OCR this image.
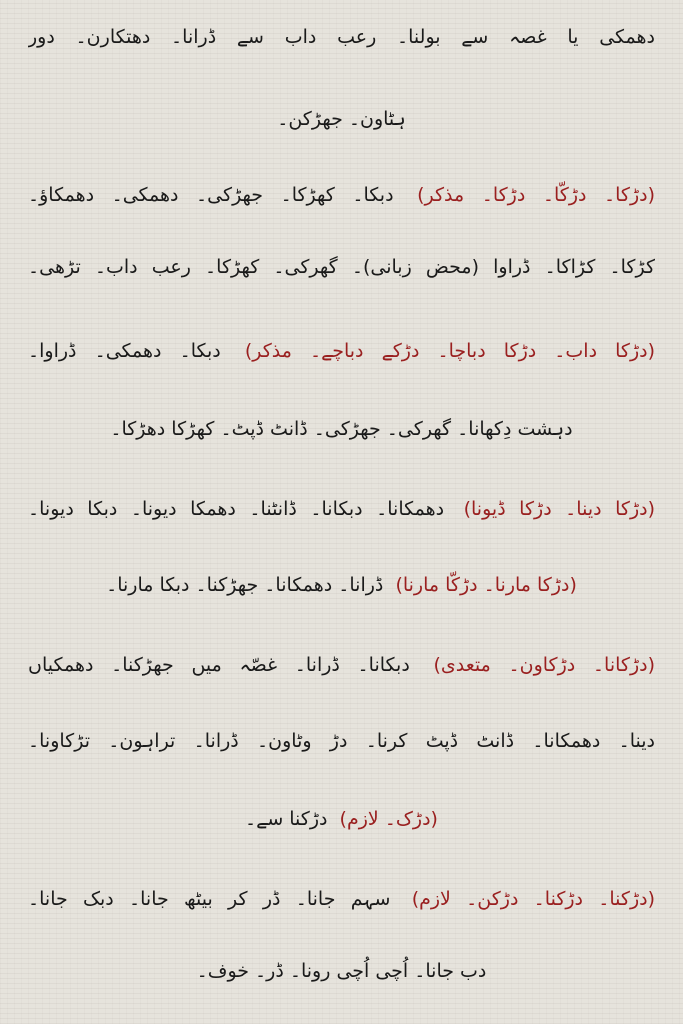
دھمکی یا غصہ سے بولنا۔ رعب داب سے ڈرانا۔ دھتکارن۔ دور
ہٹاون۔ جھڑکن۔
(دڑکا۔ دڑکّا۔ دڑکا۔ مذکر) دبکا۔ کھڑکا۔ جھڑکی۔ دھمکی۔ دھمکاؤ۔
کڑکا۔ کڑاکا۔ ڈراوا (محض زبانی)۔ گھرکی۔ کھڑکا۔ رعب داب۔ تڑھی۔
(دڑکا داب۔ دڑکا دباچا۔ دڑکے دباچے۔ مذکر) دبکا۔ دھمکی۔ ڈراوا۔
دہشت دِکھانا۔ گھرکی۔ جھڑکی۔ ڈانٹ ڈپٹ۔ کھڑکا دھڑکا۔
(دڑکا دینا۔ دڑکا ڈیونا) دھمکانا۔ دبکانا۔ ڈانٹنا۔ دھمکا دیونا۔ دبکا دیونا۔
(دڑکا مارنا۔ دڑکّا مارنا) ڈرانا۔ دھمکانا۔ جھڑکنا۔ دبکا مارنا۔
(دڑکانا۔ دڑکاون۔ متعدی) دبکانا۔ ڈرانا۔ غصّہ میں جھڑکنا۔ دھمکیاں
دینا۔ دھمکانا۔ ڈانٹ ڈپٹ کرنا۔ دڑ وٹاون۔ ڈرانا۔ تراہون۔ تڑکاونا۔
(دڑک۔ لازم) دڑکنا سے۔
(دڑکنا۔ دڑکنا۔ دڑکن۔ لازم) سہم جانا۔ ڈر کر بیٹھ جانا۔ دبک جانا۔
دب جانا۔ اُچی اُچی رونا۔ ڈر۔ خوف۔
